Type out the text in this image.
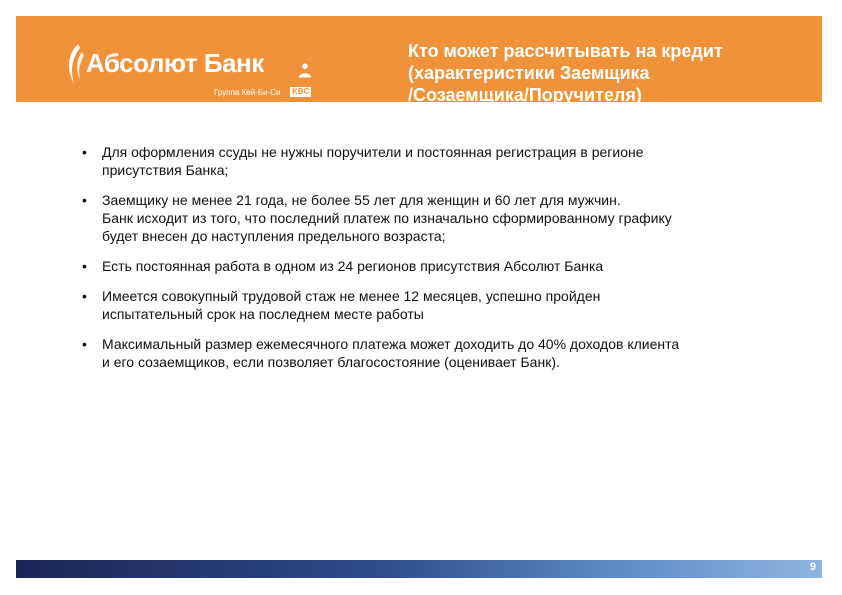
Абсолют Банк
Группа Кей-Би-Си KBC
Кто может рассчитывать на кредит
(характеристики Заемщика
/Созаемщика/Поручителя)
• Для оформления ссуды не нужны поручители и постоянная регистрация в регионе
присутствия Банка;
• Заемщику не менее 21 года, не более 55 лет для женщин и 60 лет для мужчин.
Банк исходит из того, что последний платеж по изначально сформированному графику
будет внесен до наступления предельного возраста;
• Есть постоянная работа в одном из 24 регионов присутствия Абсолют Банка
• Имеется совокупный трудовой стаж не менее 12 месяцев, успешно пройден
испытательный срок на последнем месте работы
• Максимальный размер ежемесячного платежа может доходить до 40% доходов клиента
и его созаемщиков, если позволяет благосостояние (оценивает Банк).
9
